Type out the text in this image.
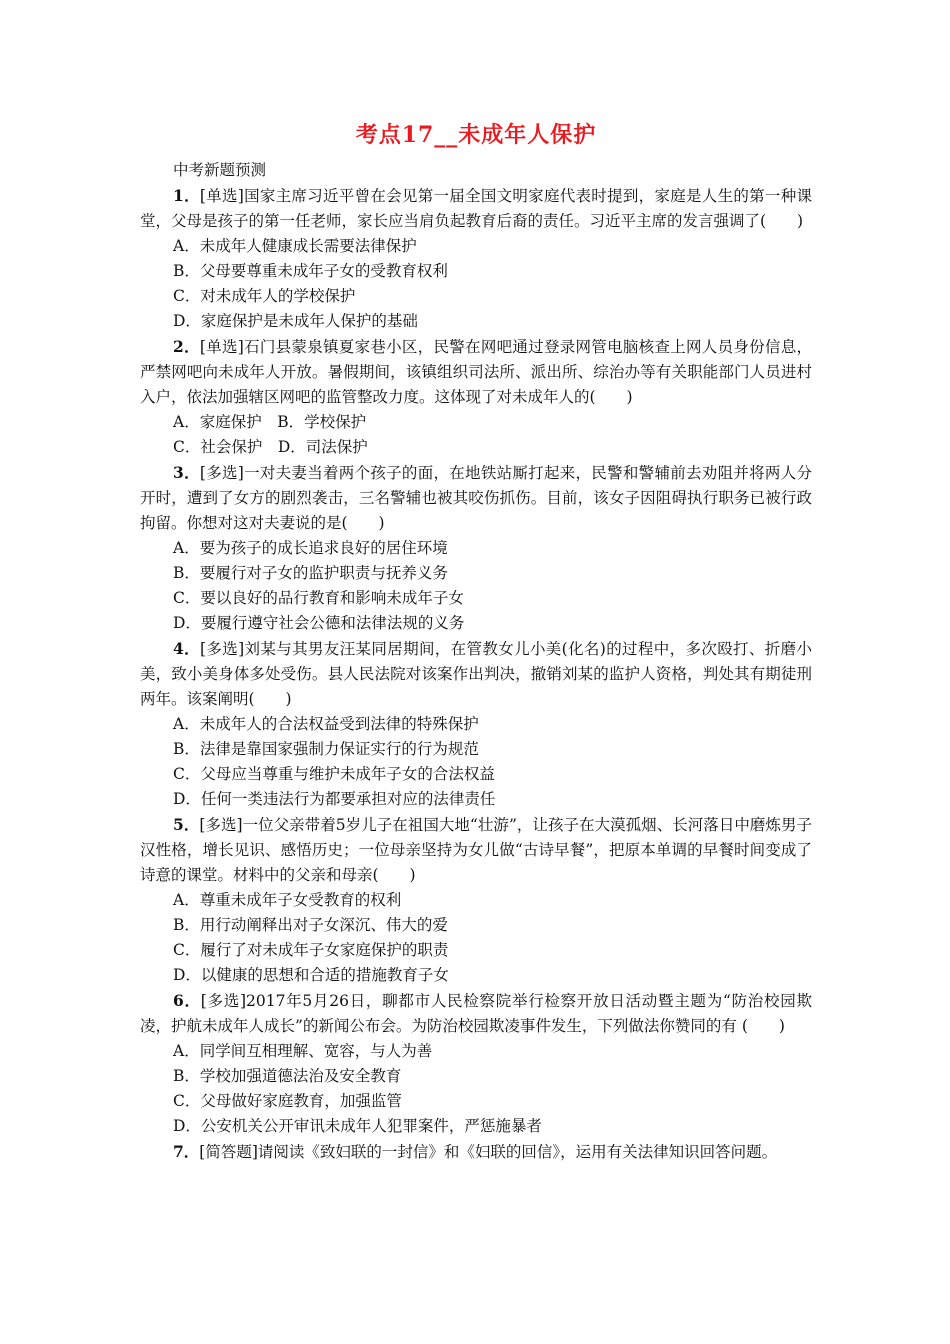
考点17__未成年人保护
中考新题预测

1．[单选]国家主席习近平曾在会见第一届全国文明家庭代表时提到，家庭是人生的第一种课堂，父母是孩子的第一任老师，家长应当肩负起教育后裔的责任。习近平主席的发言强调了(　　)

A．未成年人健康成长需要法律保护
B．父母要尊重未成年子女的受教育权利
C．对未成年人的学校保护
D．家庭保护是未成年人保护的基础

2．[单选]石门县蒙泉镇夏家巷小区，民警在网吧通过登录网管电脑核查上网人员身份信息，严禁网吧向未成年人开放。暑假期间，该镇组织司法所、派出所、综治办等有关职能部门人员进村入户，依法加强辖区网吧的监管整改力度。这体现了对未成年人的(　　)

A．家庭保护　B．学校保护
C．社会保护　D．司法保护

3．[多选]一对夫妻当着两个孩子的面，在地铁站厮打起来，民警和警辅前去劝阻并将两人分开时，遭到了女方的剧烈袭击，三名警辅也被其咬伤抓伤。目前，该女子因阻碍执行职务已被行政拘留。你想对这对夫妻说的是(　　)

A．要为孩子的成长追求良好的居住环境
B．要履行对子女的监护职责与抚养义务
C．要以良好的品行教育和影响未成年子女
D．要履行遵守社会公德和法律法规的义务

4．[多选]刘某与其男友汪某同居期间，在管教女儿小美(化名)的过程中，多次殴打、折磨小美，致小美身体多处受伤。县人民法院对该案作出判决，撤销刘某的监护人资格，判处其有期徒刑两年。该案阐明(　　)

A．未成年人的合法权益受到法律的特殊保护
B．法律是靠国家强制力保证实行的行为规范
C．父母应当尊重与维护未成年子女的合法权益
D．任何一类违法行为都要承担对应的法律责任

5．[多选]一位父亲带着5岁儿子在祖国大地“壮游”，让孩子在大漠孤烟、长河落日中磨炼男子汉性格，增长见识、感悟历史；一位母亲坚持为女儿做“古诗早餐”，把原本单调的早餐时间变成了诗意的课堂。材料中的父亲和母亲(　　)

A．尊重未成年子女受教育的权利
B．用行动阐释出对子女深沉、伟大的爱
C．履行了对未成年子女家庭保护的职责
D．以健康的思想和合适的措施教育子女

6．[多选]2017年5月26日，聊都市人民检察院举行检察开放日活动暨主题为“防治校园欺凌，护航未成年人成长”的新闻公布会。为防治校园欺凌事件发生，下列做法你赞同的有 (　　)

A．同学间互相理解、宽容，与人为善
B．学校加强道德法治及安全教育
C．父母做好家庭教育，加强监管
D．公安机关公开审讯未成年人犯罪案件，严惩施暴者

7．[简答题]请阅读《致妇联的一封信》和《妇联的回信》，运用有关法律知识回答问题。
